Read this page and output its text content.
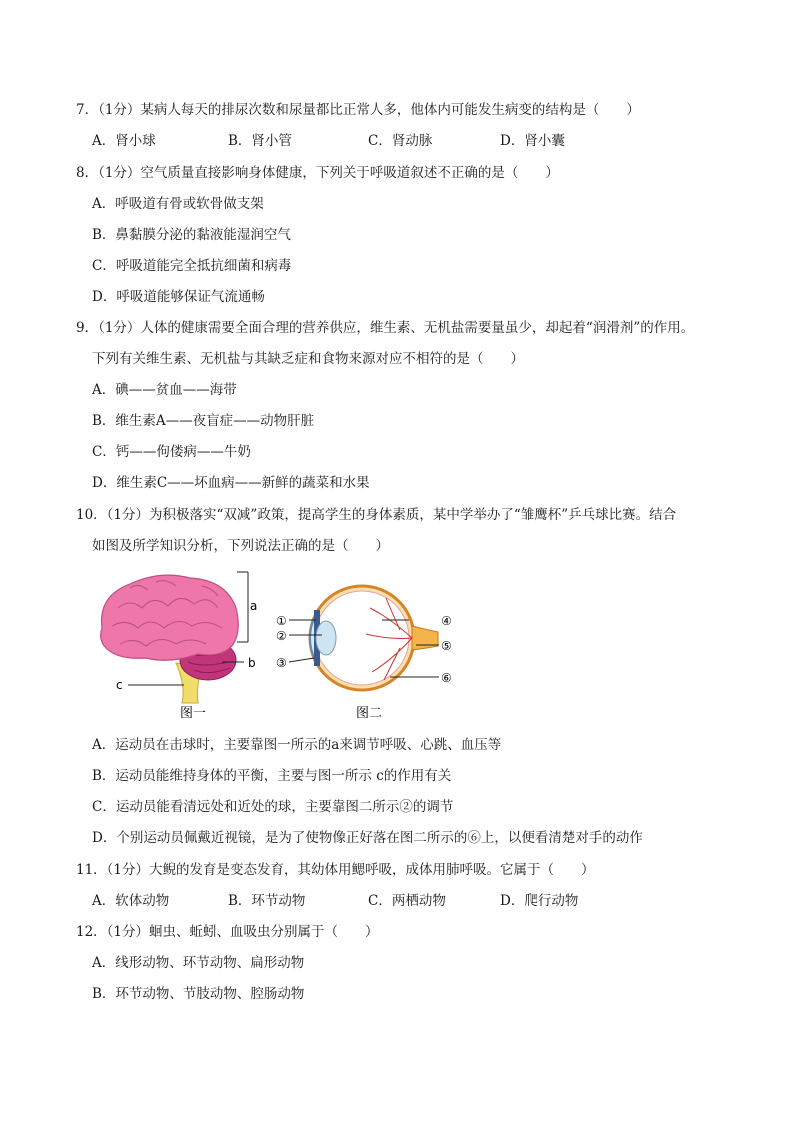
7．（1分）某病人每天的排尿次数和尿量都比正常人多，他体内可能发生病变的结构是（　　）
A．肾小球	B．肾小管	C．肾动脉	D．肾小囊
8．（1分）空气质量直接影响身体健康，下列关于呼吸道叙述不正确的是（　　）
A．呼吸道有骨或软骨做支架
B．鼻黏膜分泌的黏液能湿润空气
C．呼吸道能完全抵抗细菌和病毒
D．呼吸道能够保证气流通畅
9．（1分）人体的健康需要全面合理的营养供应，维生素、无机盐需要量虽少，却起着“润滑剂”的作用。
下列有关维生素、无机盐与其缺乏症和食物来源对应不相符的是（　　）
A．碘——贫血——海带
B．维生素A——夜盲症——动物肝脏
C．钙——佝偻病——牛奶
D．维生素C——坏血病——新鲜的蔬菜和水果
10．（1分）为积极落实“双减”政策，提高学生的身体素质，某中学举办了“雏鹰杯”乒乓球比赛。结合
如图及所学知识分析，下列说法正确的是（　　）
a
b
c
图一
①
②
③
④
⑤
⑥
图二
A．运动员在击球时，主要靠图一所示的a来调节呼吸、心跳、血压等
B．运动员能维持身体的平衡，主要与图一所示 c的作用有关
C．运动员能看清远处和近处的球，主要靠图二所示②的调节
D．个别运动员佩戴近视镜，是为了使物像正好落在图二所示的⑥上，以便看清楚对手的动作
11．（1分）大鲵的发育是变态发育，其幼体用鳃呼吸，成体用肺呼吸。它属于（　　）
A．软体动物	B．环节动物	C．两栖动物	D．爬行动物
12．（1分）蛔虫、蚯蚓、血吸虫分别属于（　　）
A．线形动物、环节动物、扁形动物
B．环节动物、节肢动物、腔肠动物
